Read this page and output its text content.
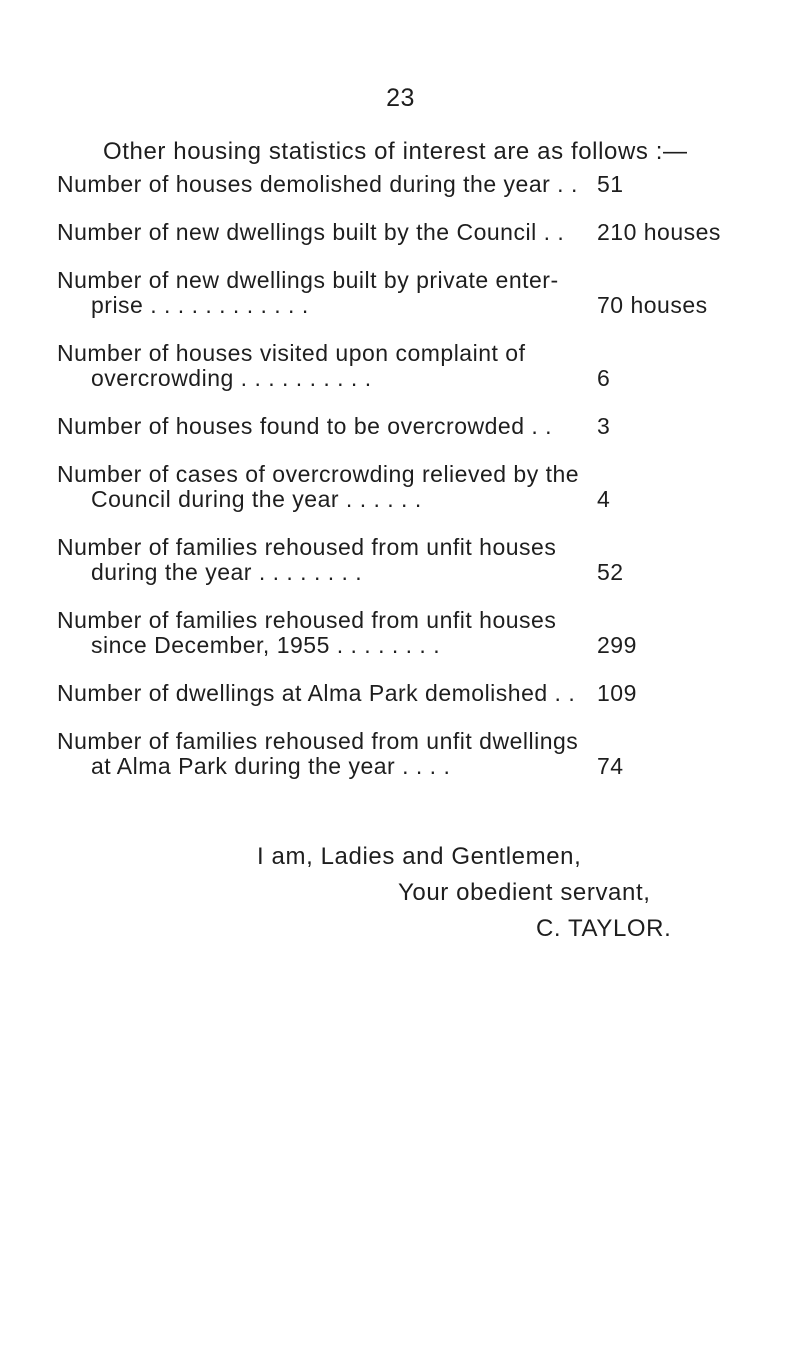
23
Other housing statistics of interest are as follows :—
Number of houses demolished during the year . . 51
Number of new dwellings built by the Council . .	210 houses
Number of new dwellings built by private enter-
prise . . . . . . . . . . . .	70 houses
Number of houses visited upon complaint of
overcrowding . . . . . . . . . .	6
Number of houses found to be overcrowded . .	3
Number of cases of overcrowding relieved by the
Council during the year . . . . . .	4
Number of families rehoused from unfit houses
during the year . . . . . . . .	52
Number of families rehoused from unfit houses
since December, 1955 . . . . . . . .	299
Number of dwellings at Alma Park demolished . . 109
Number of families rehoused from unfit dwellings
at Alma Park during the year . . . .	74
I am, Ladies and Gentlemen,
Your obedient servant,
C. TAYLOR.
